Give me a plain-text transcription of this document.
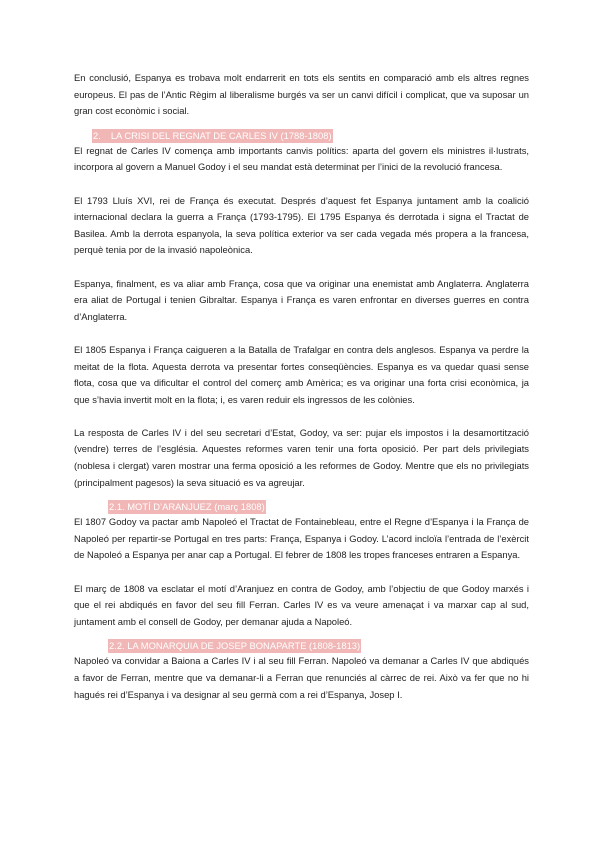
En conclusió, Espanya es trobava molt endarrerit en tots els sentits en comparació amb els altres regnes europeus. El pas de l’Antic Règim al liberalisme burgés va ser un canvi difícil i complicat, que va suposar un gran cost econòmic i social.

2. LA CRISI DEL REGNAT DE CARLES IV (1788-1808)

El regnat de Carles IV comença amb importants canvis polítics: aparta del govern els ministres il·lustrats, incorpora al govern a Manuel Godoy i el seu mandat està determinat per l’inici de la revolució francesa.

El 1793 Lluís XVI, rei de França és executat. Després d’aquest fet Espanya juntament amb la coalició internacional declara la guerra a França (1793-1795). El 1795 Espanya és derrotada i signa el Tractat de Basilea. Amb la derrota espanyola, la seva política exterior va ser cada vegada més propera a la francesa, perquè tenia por de la invasió napoleònica.

Espanya, finalment, es va aliar amb França, cosa que va originar una enemistat amb Anglaterra. Anglaterra era aliat de Portugal i tenien Gibraltar. Espanya i França es varen enfrontar en diverses guerres en contra d’Anglaterra.

El 1805 Espanya i França caigueren a la Batalla de Trafalgar en contra dels anglesos. Espanya va perdre la meitat de la flota. Aquesta derrota va presentar fortes conseqüències. Espanya es va quedar quasi sense flota, cosa que va dificultar el control del comerç amb Amèrica; es va originar una forta crisi econòmica, ja que s’havia invertit molt en la flota; i, es varen reduir els ingressos de les colònies.

La resposta de Carles IV i del seu secretari d’Estat, Godoy, va ser: pujar els impostos i la desamortització (vendre) terres de l’església. Aquestes reformes varen tenir una forta oposició. Per part dels privilegiats (noblesa i clergat) varen mostrar una ferma oposició a les reformes de Godoy. Mentre que els no privilegiats (principalment pagesos) la seva situació es va agreujar.

2.1. MOTÍ D’ARANJUEZ (març 1808)

El 1807 Godoy va pactar amb Napoleó el Tractat de Fontainebleau, entre el Regne d’Espanya i la França de Napoleó per repartir-se Portugal en tres parts: França, Espanya i Godoy. L’acord incloïa l’entrada de l’exèrcit de Napoleó a Espanya per anar cap a Portugal. El febrer de 1808 les tropes franceses entraren a Espanya.

El març de 1808 va esclatar el motí d’Aranjuez en contra de Godoy, amb l’objectiu de que Godoy marxés i que el rei abdiqués en favor del seu fill Ferran. Carles IV es va veure amenaçat i va marxar cap al sud, juntament amb el consell de Godoy, per demanar ajuda a Napoleó.

2.2. LA MONARQUIA DE JOSEP BONAPARTE (1808-1813)

Napoleó va convidar a Baiona a Carles IV i al seu fill Ferran. Napoleó va demanar a Carles IV que abdiqués a favor de Ferran, mentre que va demanar-li a Ferran que renunciés al càrrec de rei. Això va fer que no hi hagués rei d’Espanya i va designar al seu germà com a rei d’Espanya, Josep I.
